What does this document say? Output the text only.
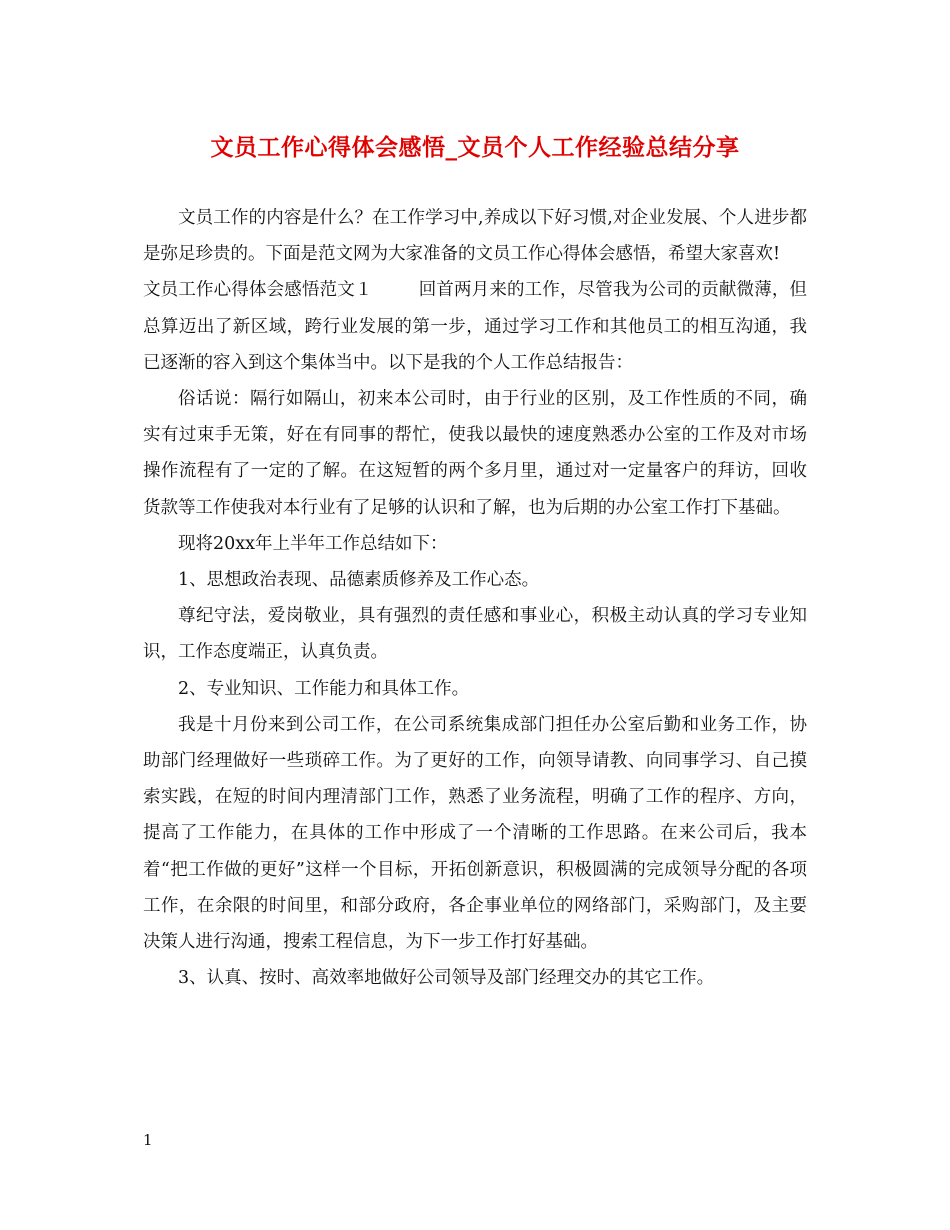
文员工作心得体会感悟_文员个人工作经验总结分享

文员工作的内容是什么？在工作学习中,养成以下好习惯,对企业发展、个人进步都是弥足珍贵的。下面是范文网为大家准备的文员工作心得体会感悟，希望大家喜欢!

文员工作心得体会感悟范文１	回首两月来的工作，尽管我为公司的贡献微薄，但总算迈出了新区域，跨行业发展的第一步，通过学习工作和其他员工的相互沟通，我已逐渐的容入到这个集体当中。以下是我的个人工作总结报告：

俗话说：隔行如隔山，初来本公司时，由于行业的区别，及工作性质的不同，确实有过束手无策，好在有同事的帮忙，使我以最快的速度熟悉办公室的工作及对市场操作流程有了一定的了解。在这短暂的两个多月里，通过对一定量客户的拜访，回收货款等工作使我对本行业有了足够的认识和了解，也为后期的办公室工作打下基础。

现将20xx年上半年工作总结如下：

1、思想政治表现、品德素质修养及工作心态。

尊纪守法，爱岗敬业，具有强烈的责任感和事业心，积极主动认真的学习专业知识，工作态度端正，认真负责。

2、专业知识、工作能力和具体工作。

我是十月份来到公司工作，在公司系统集成部门担任办公室后勤和业务工作，协助部门经理做好一些琐碎工作。为了更好的工作，向领导请教、向同事学习、自己摸索实践，在短的时间内理清部门工作，熟悉了业务流程，明确了工作的程序、方向，提高了工作能力，在具体的工作中形成了一个清晰的工作思路。在来公司后，我本着“把工作做的更好”这样一个目标，开拓创新意识，积极圆满的完成领导分配的各项工作，在余限的时间里，和部分政府，各企事业单位的网络部门，采购部门，及主要决策人进行沟通，搜索工程信息，为下一步工作打好基础。

3、认真、按时、高效率地做好公司领导及部门经理交办的其它工作。

1
